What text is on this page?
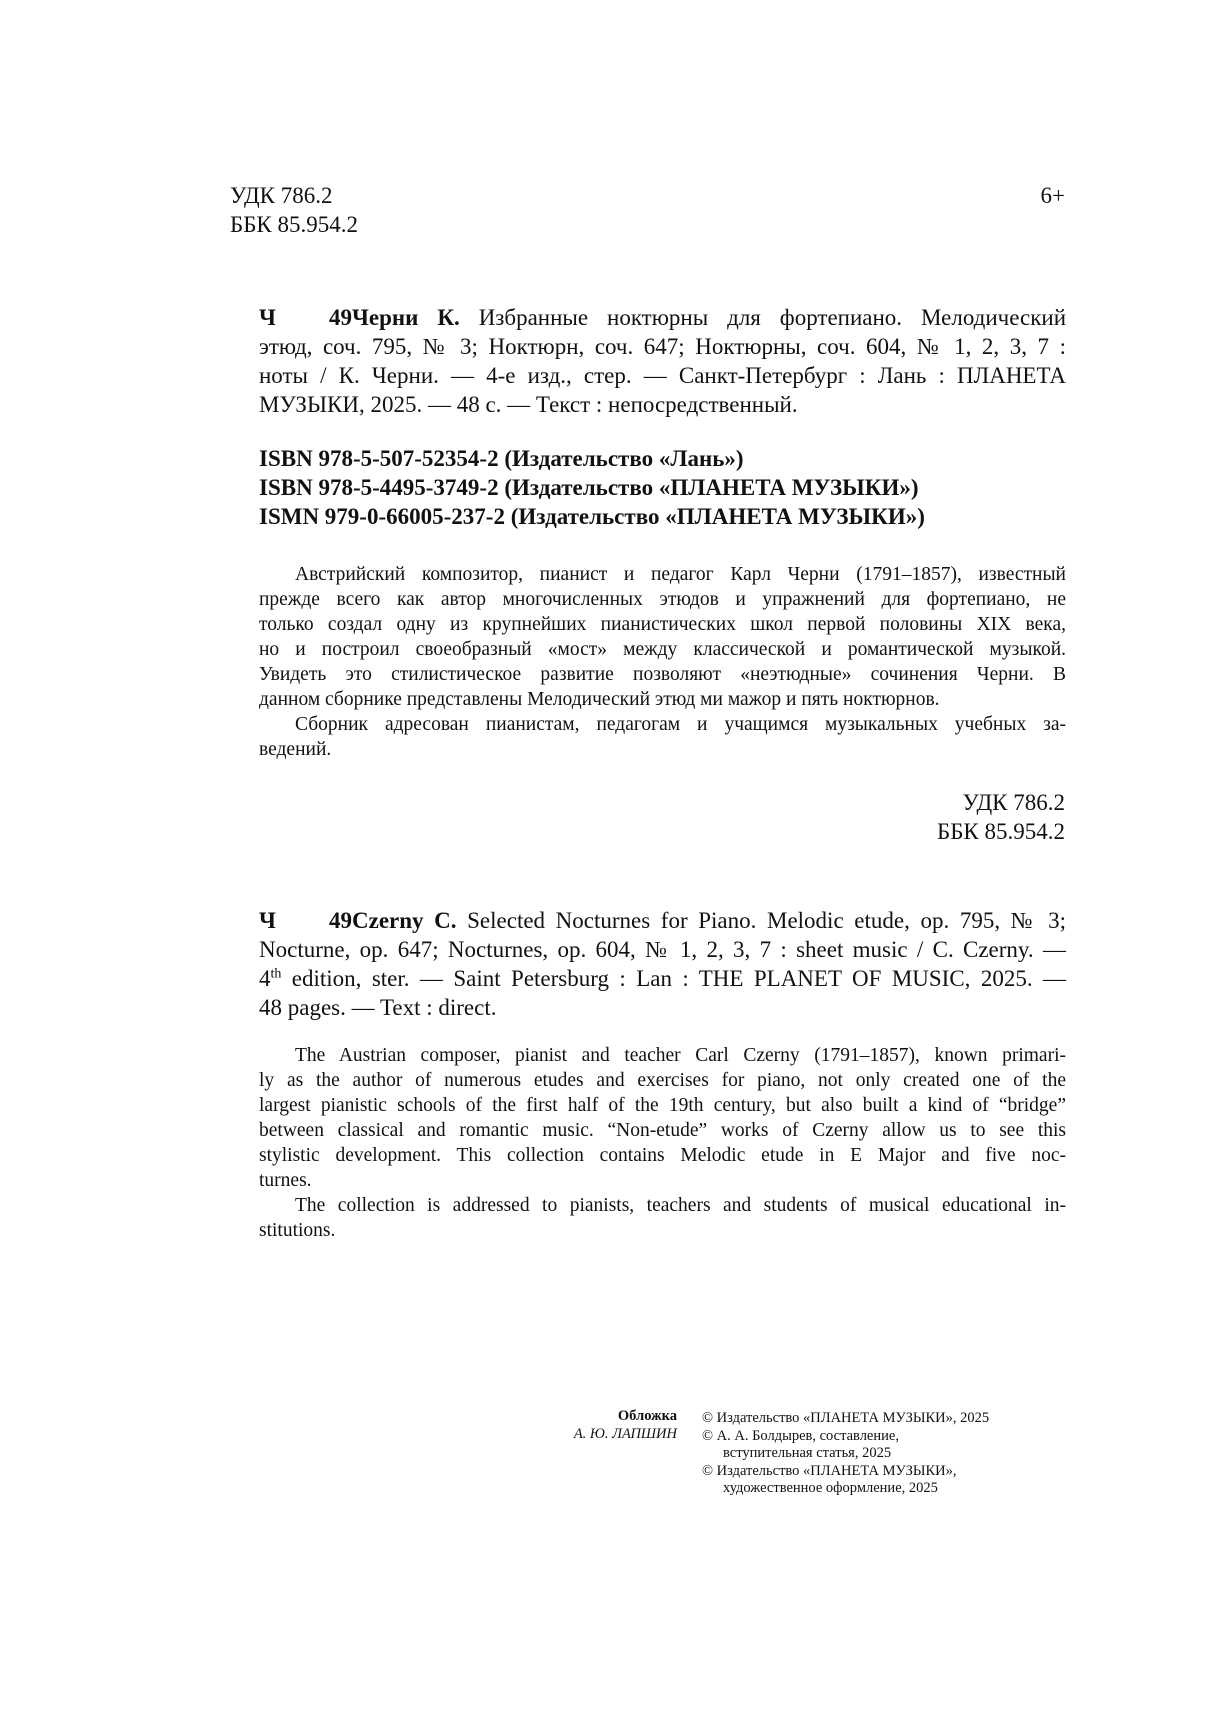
УДК 786.2
ББК 85.954.2
6+
Ч 49Черни К. Избранные ноктюрны для фортепиано. Мелодический
этюд, соч. 795, № 3; Ноктюрн, соч. 647; Ноктюрны, соч. 604, № 1, 2, 3, 7 :
ноты / К. Черни. — 4-е изд., стер. — Санкт-Петербург : Лань : ПЛАНЕТА
МУЗЫКИ, 2025. — 48 с. — Текст : непосредственный.
ISBN 978-5-507-52354-2 (Издательство «Лань»)
ISBN 978-5-4495-3749-2 (Издательство «ПЛАНЕТА МУЗЫКИ»)
ISMN 979-0-66005-237-2 (Издательство «ПЛАНЕТА МУЗЫКИ»)
Австрийский композитор, пианист и педагог Карл Черни (1791–1857), известный
прежде всего как автор многочисленных этюдов и упражнений для фортепиано, не
только создал одну из крупнейших пианистических школ первой половины XIX века,
но и построил своеобразный «мост» между классической и романтической музыкой.
Увидеть это стилистическое развитие позволяют «неэтюдные» сочинения Черни. В
данном сборнике представлены Мелодический этюд ми мажор и пять ноктюрнов.
Сборник адресован пианистам, педагогам и учащимся музыкальных учебных за-
ведений.
УДК 786.2
ББК 85.954.2
Ч 49Czerny C. Selected Nocturnes for Piano. Melodic etude, op. 795, № 3;
Nocturne, op. 647; Nocturnes, op. 604, № 1, 2, 3, 7 : sheet music / C. Czerny. —
4th edition, ster. — Saint Petersburg : Lan : THE PLANET OF MUSIC, 2025. —
48 pages. — Text : direct.
The Austrian composer, pianist and teacher Carl Czerny (1791–1857), known primari-
ly as the author of numerous etudes and exercises for piano, not only created one of the
largest pianistic schools of the first half of the 19th century, but also built a kind of “bridge”
between classical and romantic music. “Non-etude” works of Czerny allow us to see this
stylistic development. This collection contains Melodic etude in E Major and five noc-
turnes.
The collection is addressed to pianists, teachers and students of musical educational in-
stitutions.
Обложка
А. Ю. ЛАПШИН
© Издательство «ПЛАНЕТА МУЗЫКИ», 2025
© А. А. Болдырев, составление,
вступительная статья, 2025
© Издательство «ПЛАНЕТА МУЗЫКИ»,
художественное оформление, 2025
